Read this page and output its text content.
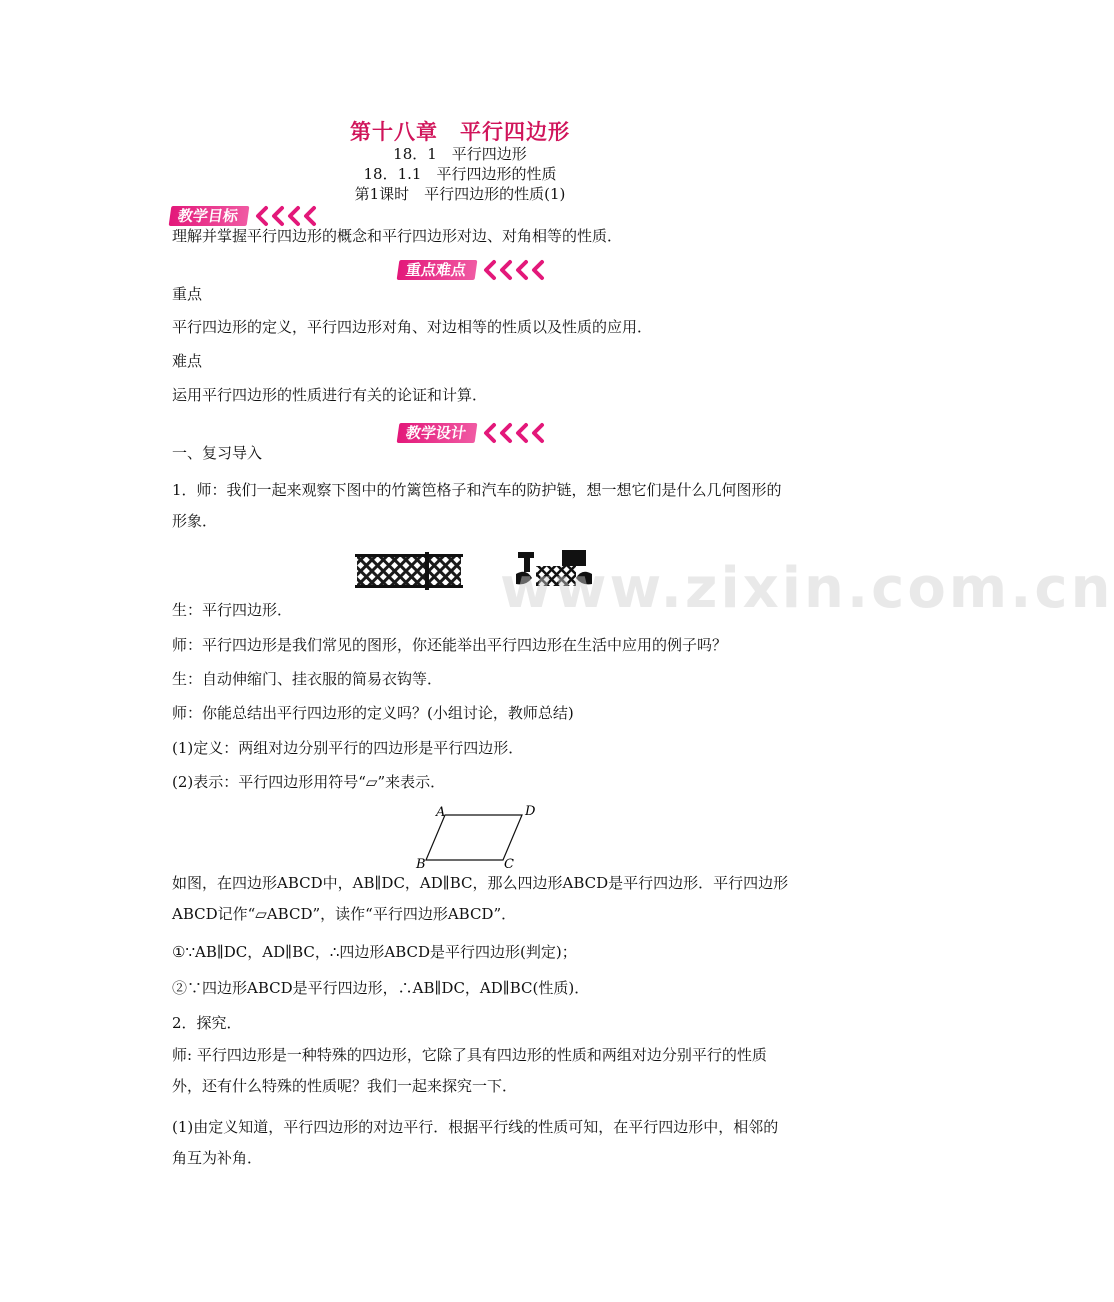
第十八章　平行四边形
18．1　平行四边形
18．1.1　平行四边形的性质
第1课时　平行四边形的性质(1)
教学目标
理解并掌握平行四边形的概念和平行四边形对边、对角相等的性质．
重点难点
重点
平行四边形的定义，平行四边形对角、对边相等的性质以及性质的应用．
难点
运用平行四边形的性质进行有关的论证和计算．
教学设计
一、复习导入
1．师：我们一起来观察下图中的竹篱笆格子和汽车的防护链，想一想它们是什么几何图形的形象．
www.zixin.com.cn
生：平行四边形．
师：平行四边形是我们常见的图形，你还能举出平行四边形在生活中应用的例子吗？
生：自动伸缩门、挂衣服的简易衣钩等．
师：你能总结出平行四边形的定义吗？(小组讨论，教师总结)
(1)定义：两组对边分别平行的四边形是平行四边形．
(2)表示：平行四边形用符号“▱”来表示．
A	D
B	C
如图，在四边形ABCD中，AB∥DC，AD∥BC，那么四边形ABCD是平行四边形．平行四边形ABCD记作“▱ABCD”，读作“平行四边形ABCD”．
①∵AB∥DC，AD∥BC，∴四边形ABCD是平行四边形(判定)；
②∵四边形ABCD是平行四边形，∴AB∥DC，AD∥BC(性质)．
2．探究．
师: 平行四边形是一种特殊的四边形，它除了具有四边形的性质和两组对边分别平行的性质外，还有什么特殊的性质呢？我们一起来探究一下．
(1)由定义知道，平行四边形的对边平行．根据平行线的性质可知，在平行四边形中，相邻的角互为补角．
